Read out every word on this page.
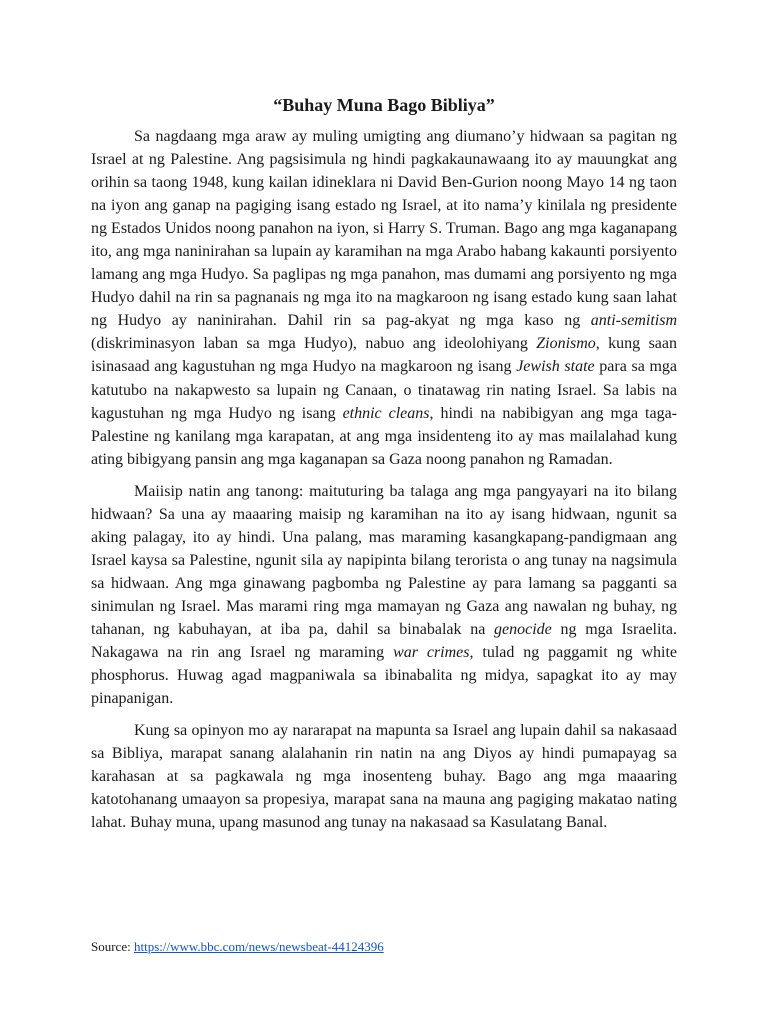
“Buhay Muna Bago Bibliya”

Sa nagdaang mga araw ay muling umigting ang diumano’y hidwaan sa pagitan ng Israel at ng Palestine. Ang pagsisimula ng hindi pagkakaunawaang ito ay mauungkat ang orihin sa taong 1948, kung kailan idineklara ni David Ben-Gurion noong Mayo 14 ng taon na iyon ang ganap na pagiging isang estado ng Israel, at ito nama’y kinilala ng presidente ng Estados Unidos noong panahon na iyon, si Harry S. Truman. Bago ang mga kaganapang ito, ang mga naninirahan sa lupain ay karamihan na mga Arabo habang kakaunti porsiyento lamang ang mga Hudyo. Sa paglipas ng mga panahon, mas dumami ang porsiyento ng mga Hudyo dahil na rin sa pagnanais ng mga ito na magkaroon ng isang estado kung saan lahat ng Hudyo ay naninirahan. Dahil rin sa pag-akyat ng mga kaso ng anti-semitism (diskriminasyon laban sa mga Hudyo), nabuo ang ideolohiyang Zionismo, kung saan isinasaad ang kagustuhan ng mga Hudyo na magkaroon ng isang Jewish state para sa mga katutubo na nakapwesto sa lupain ng Canaan, o tinatawag rin nating Israel. Sa labis na kagustuhan ng mga Hudyo ng isang ethnic cleans, hindi na nabibigyan ang mga taga-Palestine ng kanilang mga karapatan, at ang mga insidenteng ito ay mas mailalahad kung ating bibigyang pansin ang mga kaganapan sa Gaza noong panahon ng Ramadan.

Maiisip natin ang tanong: maituturing ba talaga ang mga pangyayari na ito bilang hidwaan? Sa una ay maaaring maisip ng karamihan na ito ay isang hidwaan, ngunit sa aking palagay, ito ay hindi. Una palang, mas maraming kasangkapang-pandigmaan ang Israel kaysa sa Palestine, ngunit sila ay napipinta bilang terorista o ang tunay na nagsimula sa hidwaan. Ang mga ginawang pagbomba ng Palestine ay para lamang sa pagganti sa sinimulan ng Israel. Mas marami ring mga mamayan ng Gaza ang nawalan ng buhay, ng tahanan, ng kabuhayan, at iba pa, dahil sa binabalak na genocide ng mga Israelita. Nakagawa na rin ang Israel ng maraming war crimes, tulad ng paggamit ng white phosphorus. Huwag agad magpaniwala sa ibinabalita ng midya, sapagkat ito ay may pinapanigan.

Kung sa opinyon mo ay nararapat na mapunta sa Israel ang lupain dahil sa nakasaad sa Bibliya, marapat sanang alalahanin rin natin na ang Diyos ay hindi pumapayag sa karahasan at sa pagkawala ng mga inosenteng buhay. Bago ang mga maaaring katotohanang umaayon sa propesiya, marapat sana na mauna ang pagiging makatao nating lahat. Buhay muna, upang masunod ang tunay na nakasaad sa Kasulatang Banal.

Source: https://www.bbc.com/news/newsbeat-44124396
